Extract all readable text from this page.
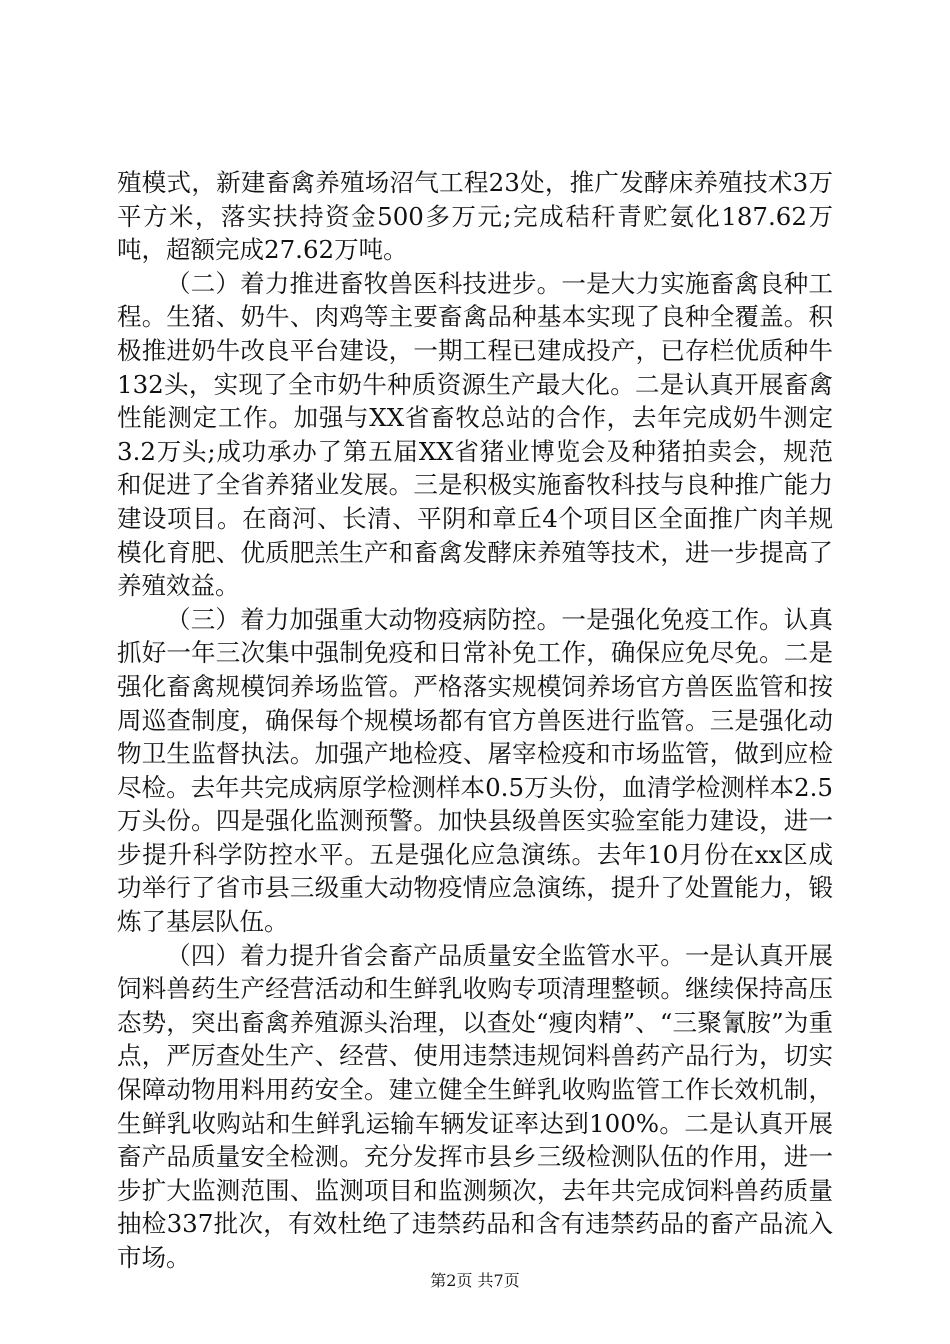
殖模式，新建畜禽养殖场沼气工程23处，推广发酵床养殖技术3万平方米，落实扶持资金500多万元;完成秸秆青贮氨化187.62万吨，超额完成27.62万吨。

（二）着力推进畜牧兽医科技进步。一是大力实施畜禽良种工程。生猪、奶牛、肉鸡等主要畜禽品种基本实现了良种全覆盖。积极推进奶牛改良平台建设，一期工程已建成投产，已存栏优质种牛132头，实现了全市奶牛种质资源生产最大化。二是认真开展畜禽性能测定工作。加强与XX省畜牧总站的合作，去年完成奶牛测定3.2万头;成功承办了第五届XX省猪业博览会及种猪拍卖会，规范和促进了全省养猪业发展。三是积极实施畜牧科技与良种推广能力建设项目。在商河、长清、平阴和章丘4个项目区全面推广肉羊规模化育肥、优质肥羔生产和畜禽发酵床养殖等技术，进一步提高了养殖效益。

（三）着力加强重大动物疫病防控。一是强化免疫工作。认真抓好一年三次集中强制免疫和日常补免工作，确保应免尽免。二是强化畜禽规模饲养场监管。严格落实规模饲养场官方兽医监管和按周巡查制度，确保每个规模场都有官方兽医进行监管。三是强化动物卫生监督执法。加强产地检疫、屠宰检疫和市场监管，做到应检尽检。去年共完成病原学检测样本0.5万头份，血清学检测样本2.5万头份。四是强化监测预警。加快县级兽医实验室能力建设，进一步提升科学防控水平。五是强化应急演练。去年10月份在xx区成功举行了省市县三级重大动物疫情应急演练，提升了处置能力，锻炼了基层队伍。

（四）着力提升省会畜产品质量安全监管水平。一是认真开展饲料兽药生产经营活动和生鲜乳收购专项清理整顿。继续保持高压态势，突出畜禽养殖源头治理，以查处“瘦肉精”、“三聚氰胺”为重点，严厉查处生产、经营、使用违禁违规饲料兽药产品行为，切实保障动物用料用药安全。建立健全生鲜乳收购监管工作长效机制，生鲜乳收购站和生鲜乳运输车辆发证率达到100%。二是认真开展畜产品质量安全检测。充分发挥市县乡三级检测队伍的作用，进一步扩大监测范围、监测项目和监测频次，去年共完成饲料兽药质量抽检337批次，有效杜绝了违禁药品和含有违禁药品的畜产品流入市场。

第2页 共7页
